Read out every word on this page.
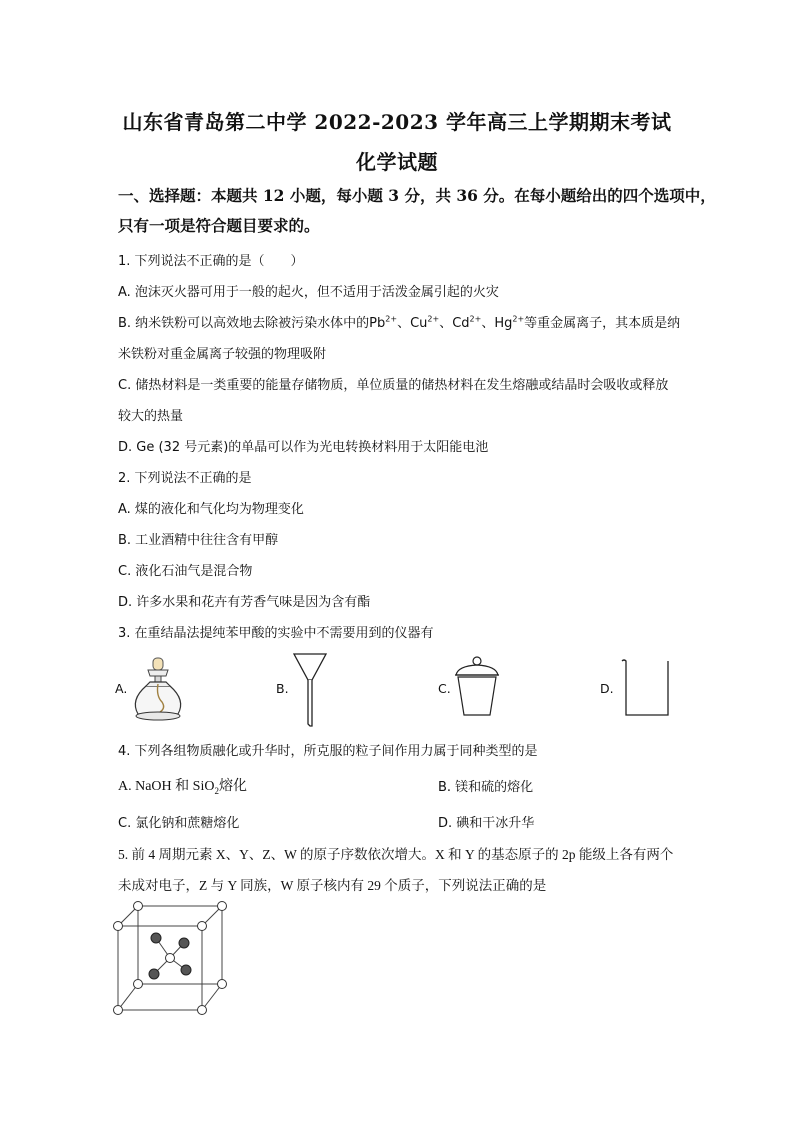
山东省青岛第二中学 2022-2023 学年高三上学期期末考试
化学试题
一、选择题：本题共 12 小题，每小题 3 分，共 36 分。在每小题给出的四个选项中，
只有一项是符合题目要求的。
1. 下列说法不正确的是（　　）
A. 泡沫灭火器可用于一般的起火，但不适用于活泼金属引起的火灾
B. 纳米铁粉可以高效地去除被污染水体中的$Pb^{2+}$、$Cu^{2+}$、$Cd^{2+}$、$Hg^{2+}$等重金属离子，其本质是纳
米铁粉对重金属离子较强的物理吸附
C. 储热材料是一类重要的能量存储物质，单位质量的储热材料在发生熔融或结晶时会吸收或释放
较大的热量
D. Ge (32 号元素)的单晶可以作为光电转换材料用于太阳能电池
2. 下列说法不正确的是
A. 煤的液化和气化均为物理变化
B. 工业酒精中往往含有甲醇
C. 液化石油气是混合物
D. 许多水果和花卉有芳香气味是因为含有酯
3. 在重结晶法提纯苯甲酸的实验中不需要用到的仪器有
A.	B.	C.	D.
4. 下列各组物质融化或升华时，所克服的粒子间作用力属于同种类型的是
A. NaOH 和 SiO$_2$熔化	B. 镁和硫的熔化
C. 氯化钠和蔗糖熔化	D. 碘和干冰升华
5. 前 4 周期元素 X、Y、Z、W 的原子序数依次增大。X 和 Y 的基态原子的 2p 能级上各有两个
未成对电子，Z 与 Y 同族，W 原子核内有 29 个质子，下列说法正确的是
